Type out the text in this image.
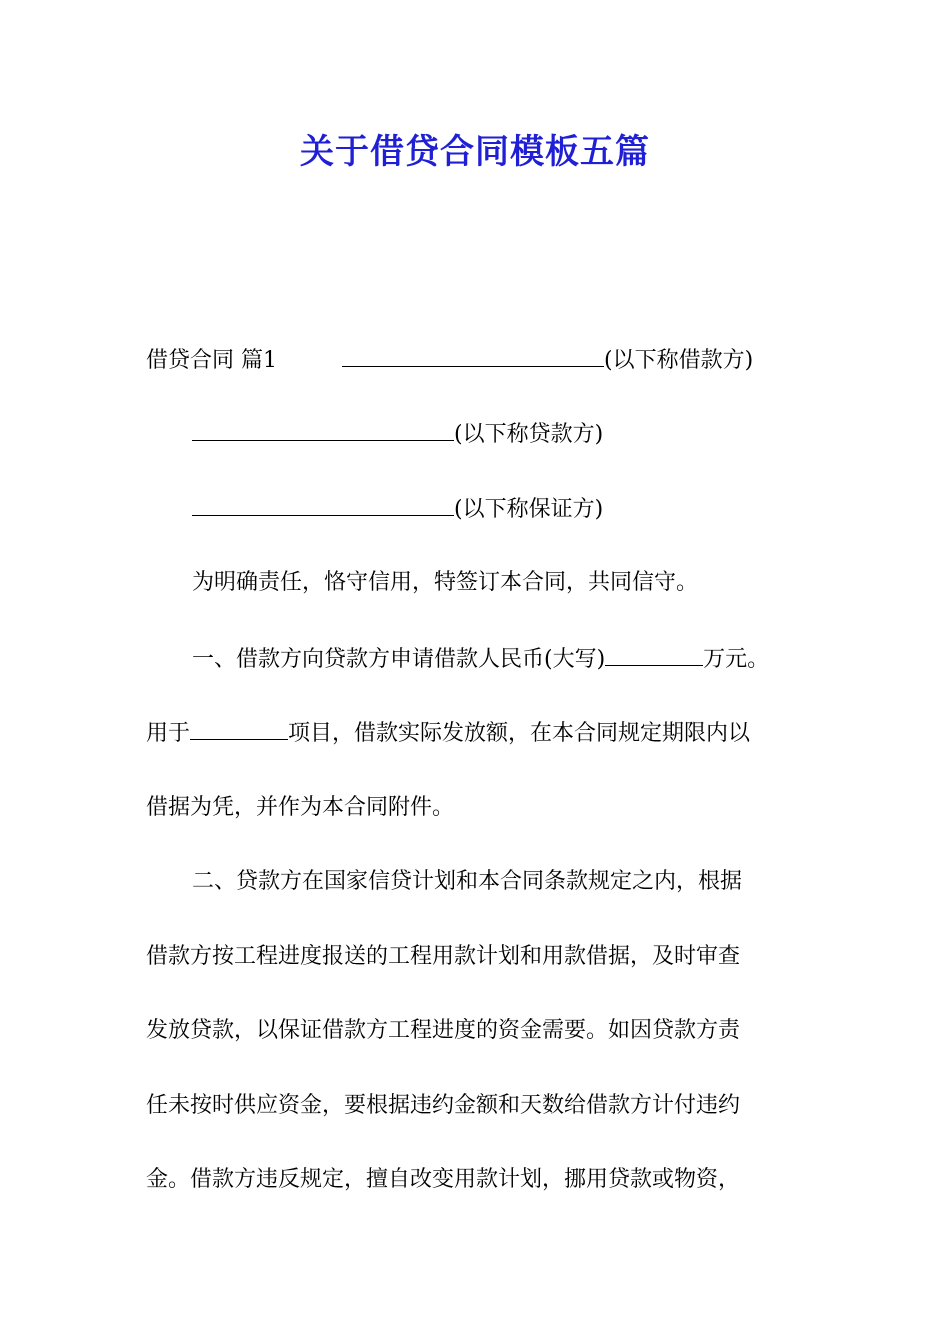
关于借贷合同模板五篇
借贷合同 篇1	(以下称借款方)
(以下称贷款方)
(以下称保证方)
为明确责任，恪守信用，特签订本合同，共同信守。
一、借款方向贷款方申请借款人民币(大写)	万元。
用于	项目，借款实际发放额，在本合同规定期限内以
借据为凭，并作为本合同附件。
二、贷款方在国家信贷计划和本合同条款规定之内，根据
借款方按工程进度报送的工程用款计划和用款借据，及时审查
发放贷款，以保证借款方工程进度的资金需要。如因贷款方责
任未按时供应资金，要根据违约金额和天数给借款方计付违约
金。借款方违反规定，擅自改变用款计划，挪用贷款或物资，
